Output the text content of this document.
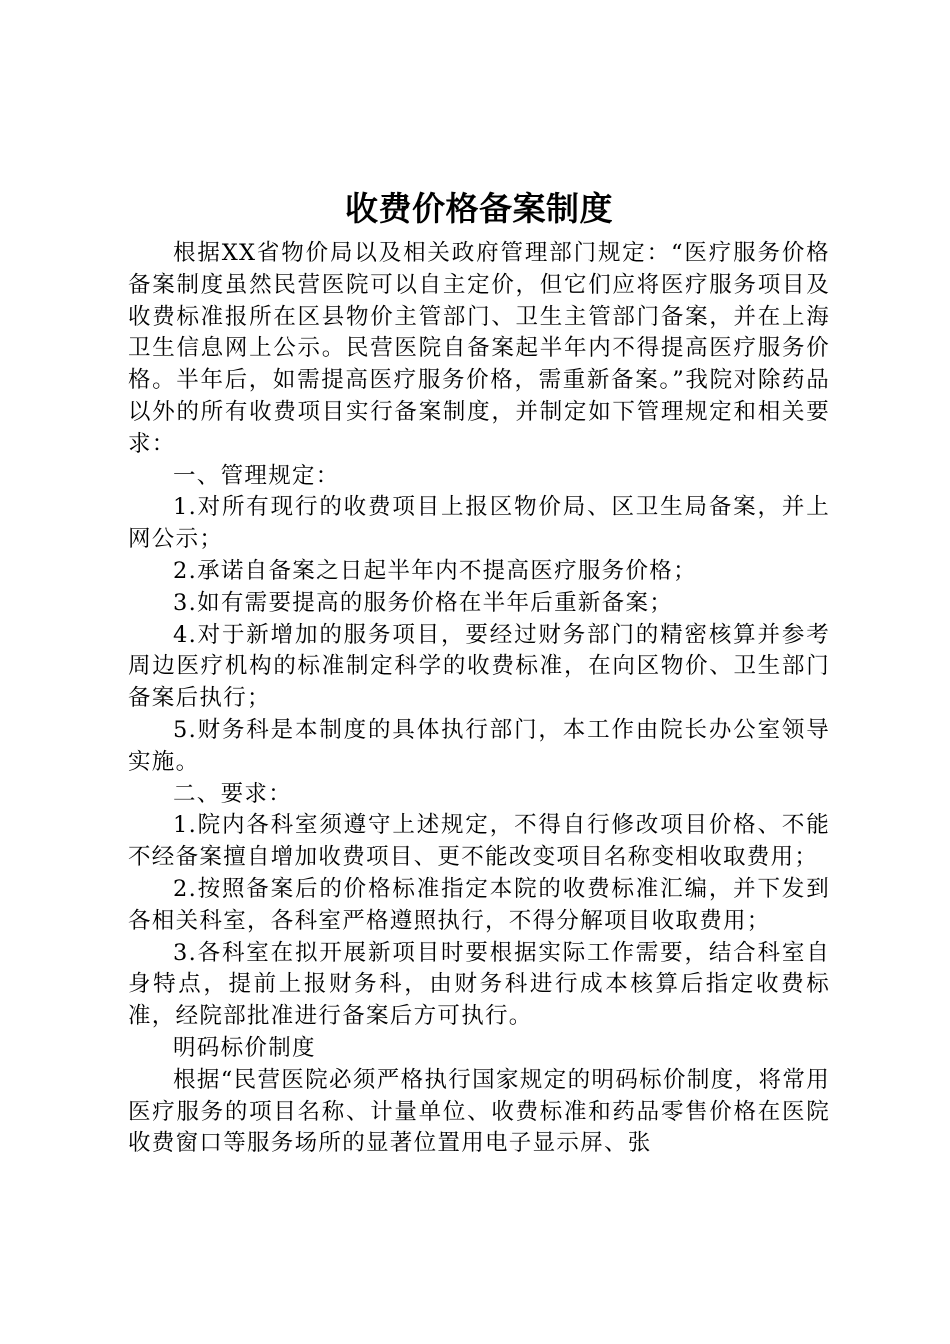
收费价格备案制度

根据XX省物价局以及相关政府管理部门规定：“医疗服务价格备案制度虽然民营医院可以自主定价，但它们应将医疗服务项目及收费标准报所在区县物价主管部门、卫生主管部门备案，并在上海卫生信息网上公示。民营医院自备案起半年内不得提高医疗服务价格。半年后，如需提高医疗服务价格，需重新备案。”我院对除药品以外的所有收费项目实行备案制度，并制定如下管理规定和相关要求：

一、管理规定：

1.对所有现行的收费项目上报区物价局、区卫生局备案，并上网公示；

2.承诺自备案之日起半年内不提高医疗服务价格；

3.如有需要提高的服务价格在半年后重新备案；

4.对于新增加的服务项目，要经过财务部门的精密核算并参考周边医疗机构的标准制定科学的收费标准，在向区物价、卫生部门备案后执行；

5.财务科是本制度的具体执行部门，本工作由院长办公室领导实施。

二、要求：

1.院内各科室须遵守上述规定，不得自行修改项目价格、不能不经备案擅自增加收费项目、更不能改变项目名称变相收取费用；

2.按照备案后的价格标准指定本院的收费标准汇编，并下发到各相关科室，各科室严格遵照执行，不得分解项目收取费用；

3.各科室在拟开展新项目时要根据实际工作需要，结合科室自身特点，提前上报财务科，由财务科进行成本核算后指定收费标准，经院部批准进行备案后方可执行。

明码标价制度

根据“民营医院必须严格执行国家规定的明码标价制度，将常用医疗服务的项目名称、计量单位、收费标准和药品零售价格在医院收费窗口等服务场所的显著位置用电子显示屏、张
